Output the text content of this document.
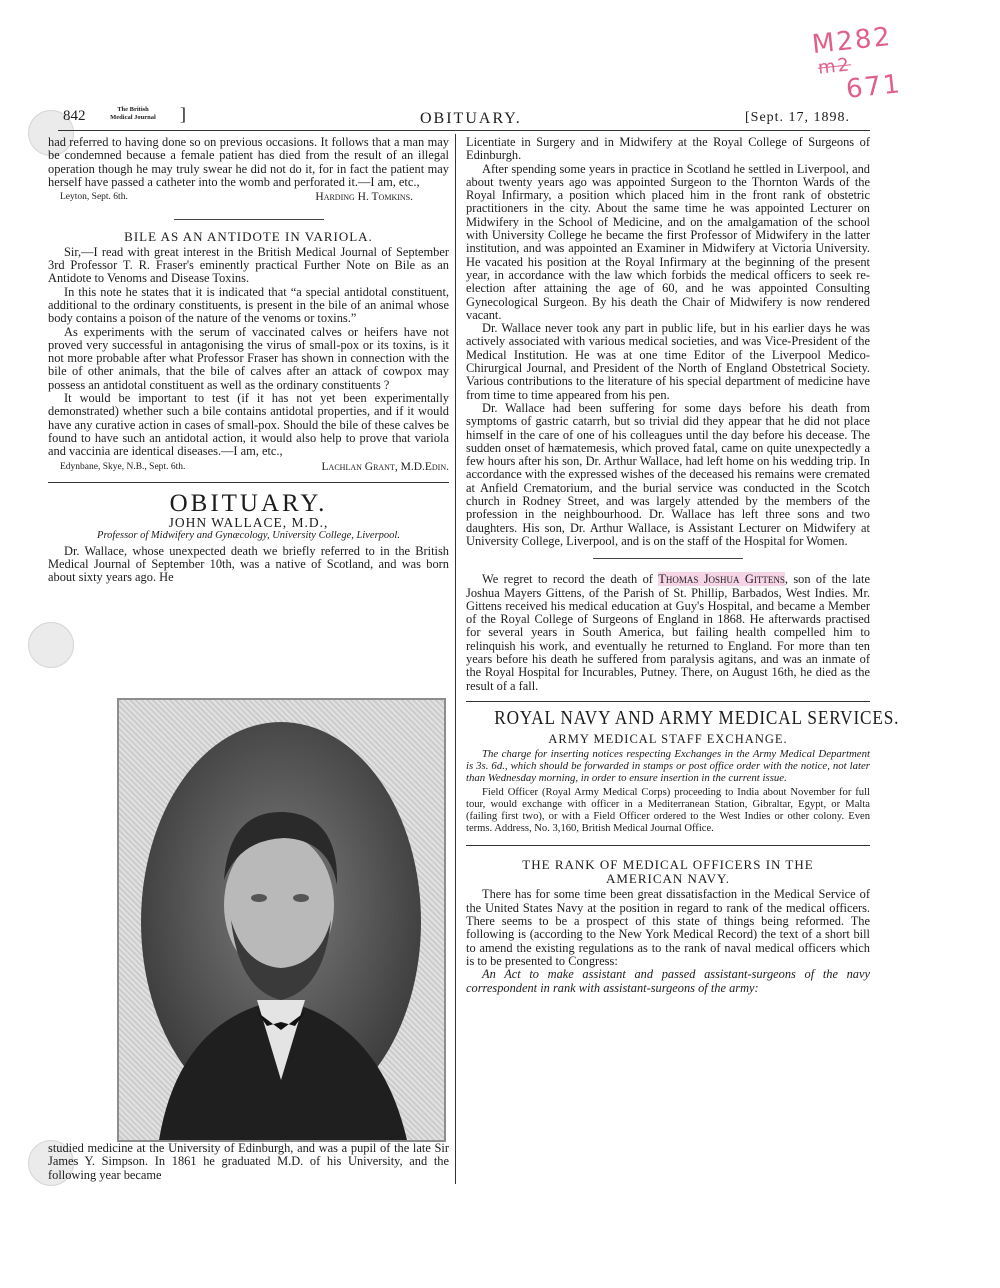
M282
m2
671
842	The British
Medical Journal	]	OBITUARY.	[Sept. 17, 1898.

had referred to having done so on previous occasions. It follows that a man may be condemned because a female patient has died from the result of an illegal operation though he may truly swear he did not do it, for in fact the patient may herself have passed a catheter into the womb and perforated it.—I am, etc.,

Leyton, Sept. 6th.	Harding H. Tomkins.
BILE AS AN ANTIDOTE IN VARIOLA.

Sir,—I read with great interest in the British Medical Journal of September 3rd Professor T. R. Fraser's eminently practical Further Note on Bile as an Antidote to Venoms and Disease Toxins.

In this note he states that it is indicated that “a special antidotal constituent, additional to the ordinary constituents, is present in the bile of an animal whose body contains a poison of the nature of the venoms or toxins.”

As experiments with the serum of vaccinated calves or heifers have not proved very successful in antagonising the virus of small-pox or its toxins, is it not more probable after what Professor Fraser has shown in connection with the bile of other animals, that the bile of calves after an attack of cowpox may possess an antidotal constituent as well as the ordinary constituents ?

It would be important to test (if it has not yet been experimentally demonstrated) whether such a bile contains antidotal properties, and if it would have any curative action in cases of small-pox. Should the bile of these calves be found to have such an antidotal action, it would also help to prove that variola and vaccinia are identical diseases.—I am, etc.,

Edynbane, Skye, N.B., Sept. 6th.	Lachlan Grant, M.D.Edin.
OBITUARY.
JOHN WALLACE, M.D.,
Professor of Midwifery and Gynæcology, University College, Liverpool.

Dr. Wallace, whose unexpected death we briefly referred to in the British Medical Journal of September 10th, was a native of Scotland, and was born about sixty years ago. He

studied medicine at the University of Edinburgh, and was a pupil of the late Sir James Y. Simpson. In 1861 he graduated M.D. of his University, and the following year became

Licentiate in Surgery and in Midwifery at the Royal College of Surgeons of Edinburgh.

After spending some years in practice in Scotland he settled in Liverpool, and about twenty years ago was appointed Surgeon to the Thornton Wards of the Royal Infirmary, a position which placed him in the front rank of obstetric practitioners in the city. About the same time he was appointed Lecturer on Midwifery in the School of Medicine, and on the amalgamation of the school with University College he became the first Professor of Midwifery in the latter institution, and was appointed an Examiner in Midwifery at Victoria University. He vacated his position at the Royal Infirmary at the beginning of the present year, in accordance with the law which forbids the medical officers to seek re-election after attaining the age of 60, and he was appointed Consulting Gynecological Surgeon. By his death the Chair of Midwifery is now rendered vacant.

Dr. Wallace never took any part in public life, but in his earlier days he was actively associated with various medical societies, and was Vice-President of the Medical Institution. He was at one time Editor of the Liverpool Medico-Chirurgical Journal, and President of the North of England Obstetrical Society. Various contributions to the literature of his special department of medicine have from time to time appeared from his pen.

Dr. Wallace had been suffering for some days before his death from symptoms of gastric catarrh, but so trivial did they appear that he did not place himself in the care of one of his colleagues until the day before his decease. The sudden onset of hæmatemesis, which proved fatal, came on quite unexpectedly a few hours after his son, Dr. Arthur Wallace, had left home on his wedding trip. In accordance with the expressed wishes of the deceased his remains were cremated at Anfield Crematorium, and the burial service was conducted in the Scotch church in Rodney Street, and was largely attended by the members of the profession in the neighbourhood. Dr. Wallace has left three sons and two daughters. His son, Dr. Arthur Wallace, is Assistant Lecturer on Midwifery at University College, Liverpool, and is on the staff of the Hospital for Women.

We regret to record the death of Thomas Joshua Gittens, son of the late Joshua Mayers Gittens, of the Parish of St. Phillip, Barbados, West Indies. Mr. Gittens received his medical education at Guy's Hospital, and became a Member of the Royal College of Surgeons of England in 1868. He afterwards practised for several years in South America, but failing health compelled him to relinquish his work, and eventually he returned to England. For more than ten years before his death he suffered from paralysis agitans, and was an inmate of the Royal Hospital for Incurables, Putney. There, on August 16th, he died as the result of a fall.

ROYAL NAVY AND ARMY MEDICAL SERVICES.
ARMY MEDICAL STAFF EXCHANGE.

The charge for inserting notices respecting Exchanges in the Army Medical Department is 3s. 6d., which should be forwarded in stamps or post office order with the notice, not later than Wednesday morning, in order to ensure insertion in the current issue.

Field Officer (Royal Army Medical Corps) proceeding to India about November for full tour, would exchange with officer in a Mediterranean Station, Gibraltar, Egypt, or Malta (failing first two), or with a Field Officer ordered to the West Indies or other colony. Even terms. Address, No. 3,160, British Medical Journal Office.

THE RANK OF MEDICAL OFFICERS IN THE AMERICAN NAVY.

There has for some time been great dissatisfaction in the Medical Service of the United States Navy at the position in regard to rank of the medical officers. There seems to be a prospect of this state of things being reformed. The following is (according to the New York Medical Record) the text of a short bill to amend the existing regulations as to the rank of naval medical officers which is to be presented to Congress:

An Act to make assistant and passed assistant-surgeons of the navy correspondent in rank with assistant-surgeons of the army:
